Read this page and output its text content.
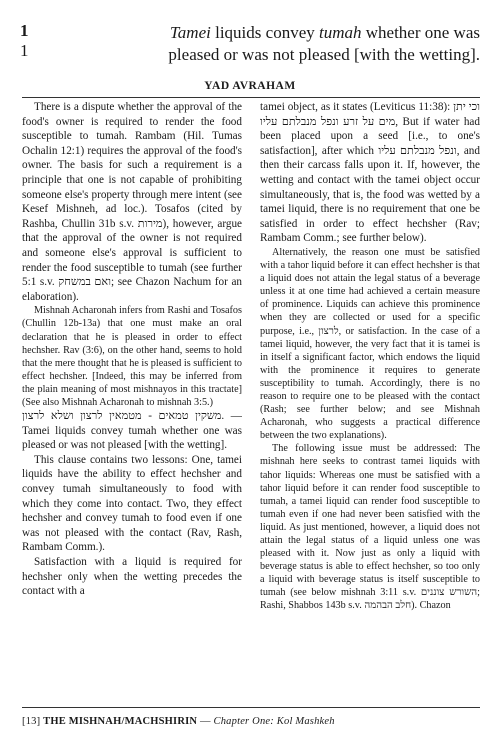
1
1
Tamei liquids convey tumah whether one was pleased or was not pleased [with the wetting].
YAD AVRAHAM

There is a dispute whether the approval of the food's owner is required to render the food susceptible to tumah. Rambam (Hil. Tumas Ochalin 12:1) requires the approval of the food's owner. The basis for such a requirement is a principle that one is not capable of prohibiting someone else's property through mere intent (see Kesef Mishneh, ad loc.). Tosafos (cited by Rashba, Chullin 31b s.v. מירות), however, argue that the approval of the owner is not required and someone else's approval is sufficient to render the food susceptible to tumah (see further 5:1 s.v. ואם במשחק; see Chazon Nachum for an elaboration).

Mishnah Acharonah infers from Rashi and Tosafos (Chullin 12b-13a) that one must make an oral declaration that he is pleased in order to effect hechsher. Rav (3:6), on the other hand, seems to hold that the mere thought that he is pleased is sufficient to effect hechsher. [Indeed, this may be inferred from the plain meaning of most mishnayos in this tractate] (See also Mishnah Acharonah to mishnah 3:5.)

משקין טמאים - מטמאין לרצון ושלא לרצון. — Tamei liquids convey tumah whether one was pleased or was not pleased [with the wetting].

This clause contains two lessons: One, tamei liquids have the ability to effect hechsher and convey tumah simultaneously to food with which they come into contact. Two, they effect hechsher and convey tumah to food even if one was not pleased with the contact (Rav, Rash, Rambam Comm.).

Satisfaction with a liquid is required for hechsher only when the wetting precedes the contact with a

tamei object, as it states (Leviticus 11:38): וכי יתן מים על זרע ונפל מנבלתם עליו, But if water had been placed upon a seed [i.e., to one's satisfaction], after which ונפל מנבלתם עליו, and then their carcass falls upon it. If, however, the wetting and contact with the tamei object occur simultaneously, that is, the food was wetted by a tamei liquid, there is no requirement that one be satisfied in order to effect hechsher (Rav; Rambam Comm.; see further below).

Alternatively, the reason one must be satisfied with a tahor liquid before it can effect hechsher is that a liquid does not attain the legal status of a beverage unless it at one time had achieved a certain measure of prominence. Liquids can achieve this prominence when they are collected or used for a specific purpose, i.e., לרצון, or satisfaction. In the case of a tamei liquid, however, the very fact that it is tamei is in itself a significant factor, which endows the liquid with the prominence it requires to generate susceptibility to tumah. Accordingly, there is no reason to require one to be pleased with the contact (Rash; see further below; and see Mishnah Acharonah, who suggests a practical difference between the two explanations).

The following issue must be addressed: The mishnah here seeks to contrast tamei liquids with tahor liquids: Whereas one must be satisfied with a tahor liquid before it can render food susceptible to tumah, a tamei liquid can render food susceptible to tumah even if one had never been satisfied with the liquid. As just mentioned, however, a liquid does not attain the legal status of a liquid unless one was pleased with it. Now just as only a liquid with beverage status is able to effect hechsher, so too only a liquid with beverage status is itself susceptible to tumah (see below mishnah 3:11 s.v. השורש צוננים; Rashi, Shabbos 143b s.v. חלב הבהמה). Chazon

[13] THE MISHNAH/MACHSHIRIN — Chapter One: Kol Mashkeh
